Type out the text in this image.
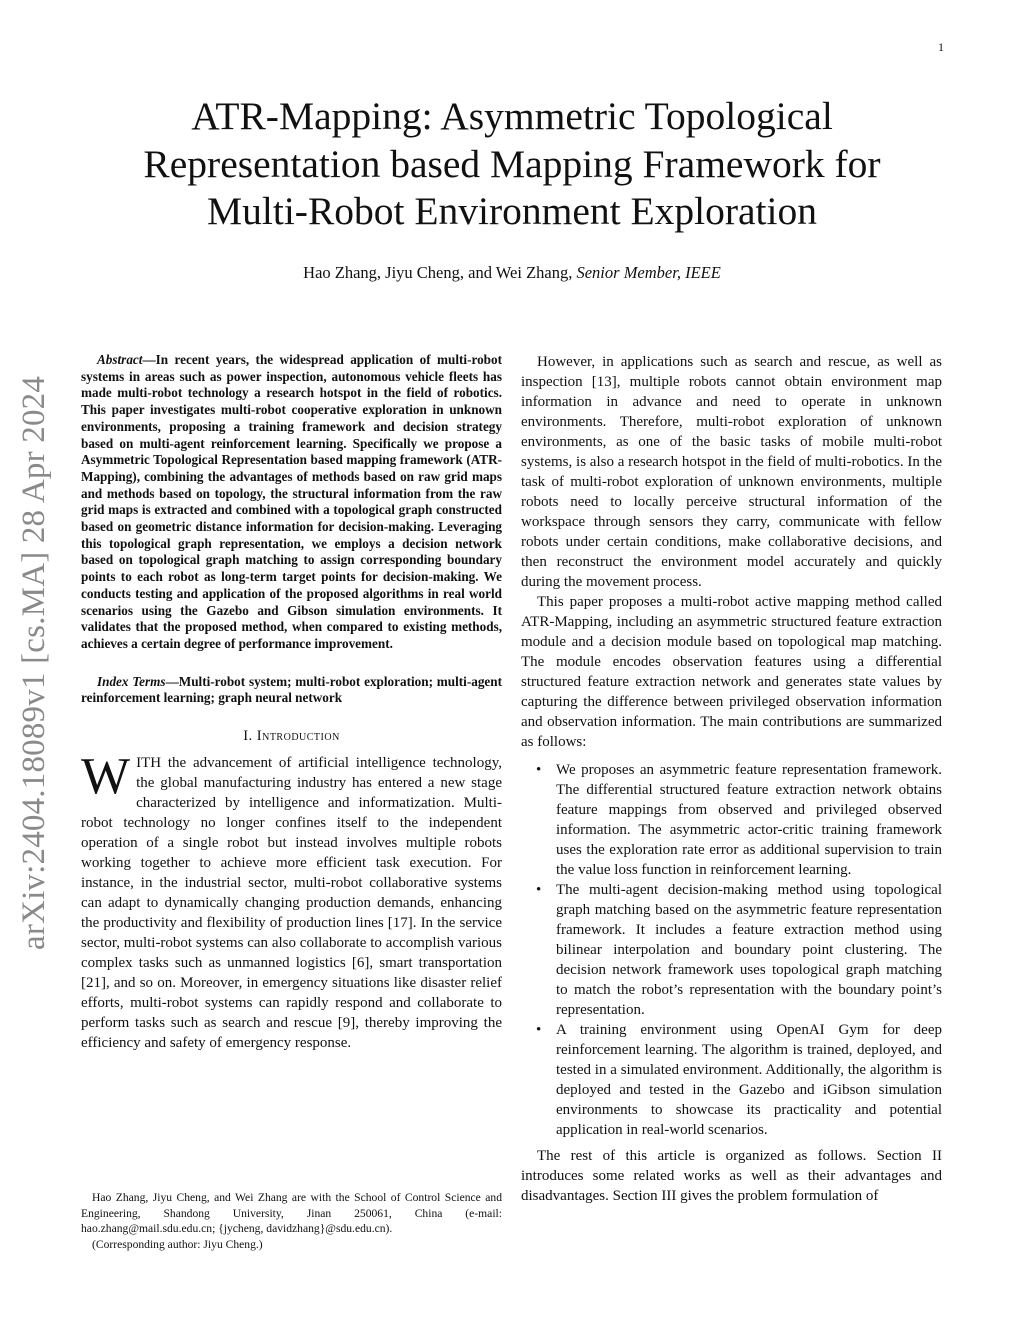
1
arXiv:2404.18089v1 [cs.MA] 28 Apr 2024
ATR-Mapping: Asymmetric Topological
Representation based Mapping Framework for
Multi-Robot Environment Exploration
Hao Zhang, Jiyu Cheng, and Wei Zhang, Senior Member, IEEE

Abstract—In recent years, the widespread application of multi-robot systems in areas such as power inspection, autonomous vehicle fleets has made multi-robot technology a research hotspot in the field of robotics. This paper investigates multi-robot cooperative exploration in unknown environments, proposing a training framework and decision strategy based on multi-agent reinforcement learning. Specifically we propose a Asymmetric Topological Representation based mapping framework (ATR-Mapping), combining the advantages of methods based on raw grid maps and methods based on topology, the structural information from the raw grid maps is extracted and combined with a topological graph constructed based on geometric distance information for decision-making. Leveraging this topological graph representation, we employs a decision network based on topological graph matching to assign corresponding boundary points to each robot as long-term target points for decision-making. We conducts testing and application of the proposed algorithms in real world scenarios using the Gazebo and Gibson simulation environments. It validates that the proposed method, when compared to existing methods, achieves a certain degree of performance improvement.

Index Terms—Multi-robot system; multi-robot exploration; multi-agent reinforcement learning; graph neural network

I. Introduction

WITH the advancement of artificial intelligence technology, the global manufacturing industry has entered a new stage characterized by intelligence and informatization. Multi-robot technology no longer confines itself to the independent operation of a single robot but instead involves multiple robots working together to achieve more efficient task execution. For instance, in the industrial sector, multi-robot collaborative systems can adapt to dynamically changing production demands, enhancing the productivity and flexibility of production lines [17]. In the service sector, multi-robot systems can also collaborate to accomplish various complex tasks such as unmanned logistics [6], smart transportation [21], and so on. Moreover, in emergency situations like disaster relief efforts, multi-robot systems can rapidly respond and collaborate to perform tasks such as search and rescue [9], thereby improving the efficiency and safety of emergency response.

Hao Zhang, Jiyu Cheng, and Wei Zhang are with the School of Control Science and Engineering, Shandong University, Jinan 250061, China (e-mail: hao.zhang@mail.sdu.edu.cn; {jycheng, davidzhang}@sdu.edu.cn).

(Corresponding author: Jiyu Cheng.)

However, in applications such as search and rescue, as well as inspection [13], multiple robots cannot obtain environment map information in advance and need to operate in unknown environments. Therefore, multi-robot exploration of unknown environments, as one of the basic tasks of mobile multi-robot systems, is also a research hotspot in the field of multi-robotics. In the task of multi-robot exploration of unknown environments, multiple robots need to locally perceive structural information of the workspace through sensors they carry, communicate with fellow robots under certain conditions, make collaborative decisions, and then reconstruct the environment model accurately and quickly during the movement process.

This paper proposes a multi-robot active mapping method called ATR-Mapping, including an asymmetric structured feature extraction module and a decision module based on topological map matching. The module encodes observation features using a differential structured feature extraction network and generates state values by capturing the difference between privileged observation information and observation information. The main contributions are summarized as follows:

• We proposes an asymmetric feature representation framework. The differential structured feature extraction network obtains feature mappings from observed and privileged observed information. The asymmetric actor-critic training framework uses the exploration rate error as additional supervision to train the value loss function in reinforcement learning.
• The multi-agent decision-making method using topological graph matching based on the asymmetric feature representation framework. It includes a feature extraction method using bilinear interpolation and boundary point clustering. The decision network framework uses topological graph matching to match the robot’s representation with the boundary point’s representation.
• A training environment using OpenAI Gym for deep reinforcement learning. The algorithm is trained, deployed, and tested in a simulated environment. Additionally, the algorithm is deployed and tested in the Gazebo and iGibson simulation environments to showcase its practicality and potential application in real-world scenarios.

The rest of this article is organized as follows. Section II introduces some related works as well as their advantages and disadvantages. Section III gives the problem formulation of
